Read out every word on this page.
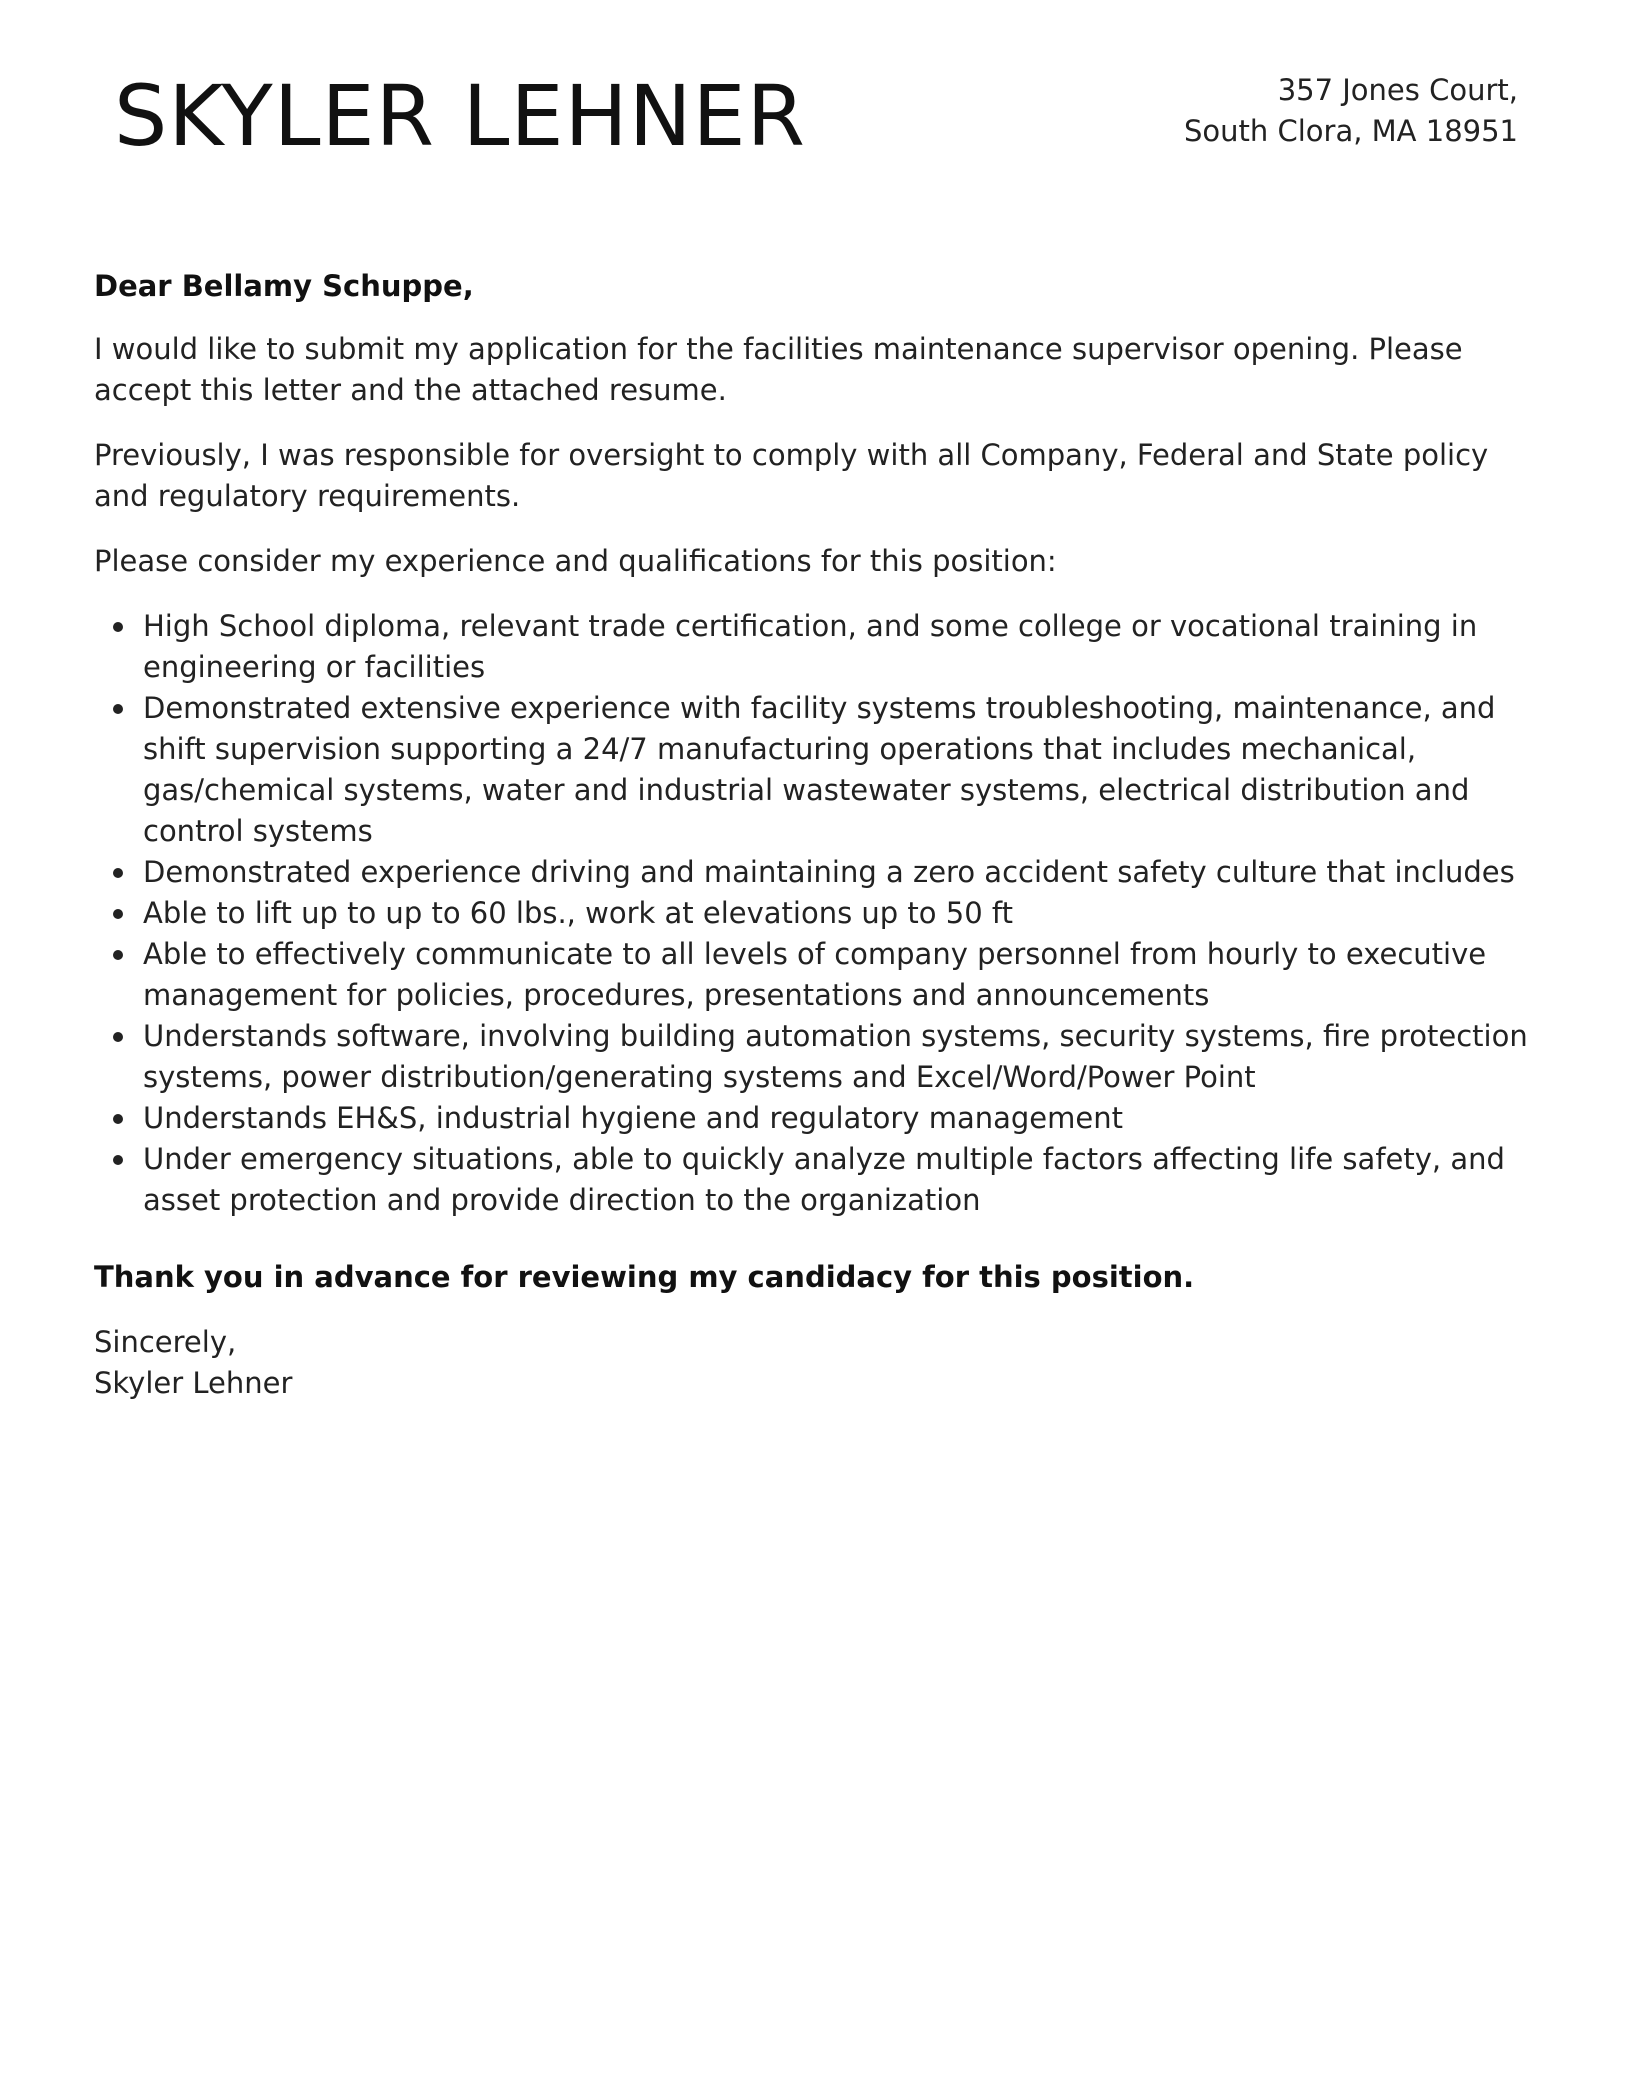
SKYLER LEHNER	357 Jones Court,
South Clora, MA 18951
Dear Bellamy Schuppe,
I would like to submit my application for the facilities maintenance supervisor opening. Please accept this letter and the attached resume.
Previously, I was responsible for oversight to comply with all Company, Federal and State policy and regulatory requirements.
Please consider my experience and qualifications for this position:
High School diploma, relevant trade certification, and some college or vocational training in engineering or facilities
Demonstrated extensive experience with facility systems troubleshooting, maintenance, and shift supervision supporting a 24/7 manufacturing operations that includes mechanical, gas/chemical systems, water and industrial wastewater systems, electrical distribution and control systems
Demonstrated experience driving and maintaining a zero accident safety culture that includes
Able to lift up to up to 60 lbs., work at elevations up to 50 ft
Able to effectively communicate to all levels of company personnel from hourly to executive management for policies, procedures, presentations and announcements
Understands software, involving building automation systems, security systems, fire protection systems, power distribution/generating systems and Excel/Word/Power Point
Understands EH&S, industrial hygiene and regulatory management
Under emergency situations, able to quickly analyze multiple factors affecting life safety, and asset protection and provide direction to the organization
Thank you in advance for reviewing my candidacy for this position.
Sincerely,
Skyler Lehner
